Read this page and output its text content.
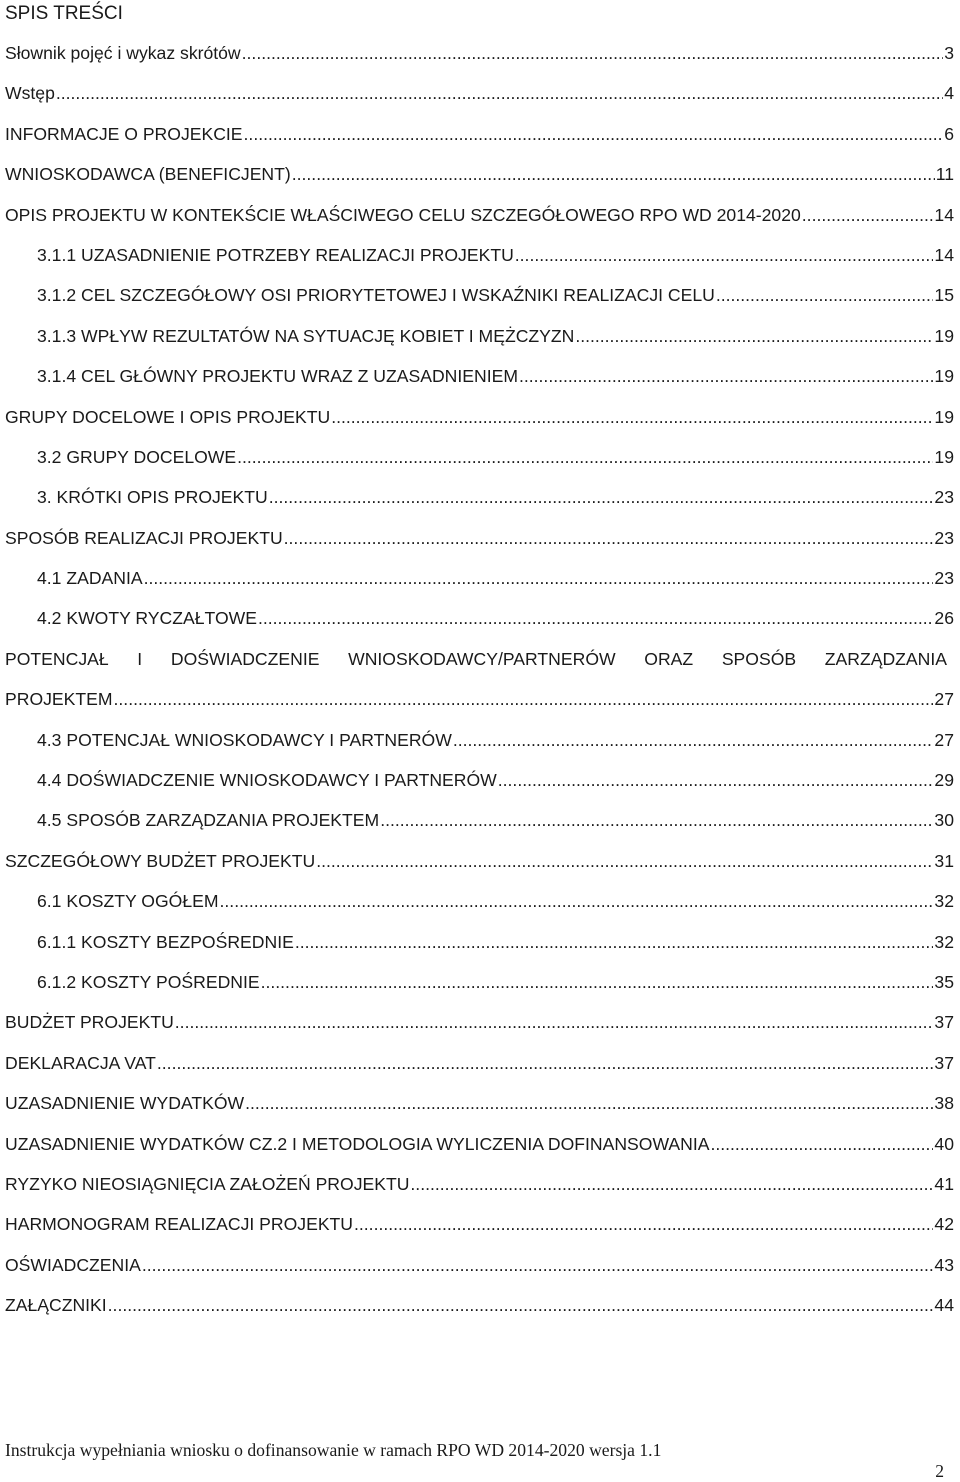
SPIS TREŚCI
Słownik pojęć i wykaz skrótów .....	3
Wstęp .....	4
INFORMACJE O PROJEKCIE .....	6
WNIOSKODAWCA (BENEFICJENT) .....	11
OPIS PROJEKTU W KONTEKŚCIE WŁAŚCIWEGO CELU SZCZEGÓŁOWEGO RPO WD 2014-2020 .....	14
3.1.1 UZASADNIENIE POTRZEBY REALIZACJI PROJEKTU .....	14
3.1.2 CEL SZCZEGÓŁOWY OSI PRIORYTETOWEJ I WSKAŹNIKI REALIZACJI CELU .....	15
3.1.3 WPŁYW REZULTATÓW NA SYTUACJĘ KOBIET I MĘŻCZYZN .....	19
3.1.4 CEL GŁÓWNY PROJEKTU WRAZ Z UZASADNIENIEM .....	19
GRUPY DOCELOWE I OPIS PROJEKTU .....	19
3.2 GRUPY DOCELOWE .....	19
3. KRÓTKI OPIS PROJEKTU .....	23
SPOSÓB REALIZACJI PROJEKTU .....	23
4.1 ZADANIA .....	23
4.2 KWOTY RYCZAŁTOWE .....	26
POTENCJAŁ I DOŚWIADCZENIE WNIOSKODAWCY/PARTNERÓW ORAZ SPOSÓB ZARZĄDZANIA
PROJEKTEM .....	27
4.3 POTENCJAŁ WNIOSKODAWCY I PARTNERÓW .....	27
4.4 DOŚWIADCZENIE WNIOSKODAWCY I PARTNERÓW .....	29
4.5 SPOSÓB ZARZĄDZANIA PROJEKTEM .....	30
SZCZEGÓŁOWY BUDŻET PROJEKTU .....	31
6.1 KOSZTY OGÓŁEM .....	32
6.1.1 KOSZTY BEZPOŚREDNIE .....	32
6.1.2 KOSZTY POŚREDNIE .....	35
BUDŻET PROJEKTU .....	37
DEKLARACJA VAT .....	37
UZASADNIENIE WYDATKÓW .....	38
UZASADNIENIE WYDATKÓW CZ.2 I METODOLOGIA WYLICZENIA DOFINANSOWANIA .....	40
RYZYKO NIEOSIĄGNIĘCIA ZAŁOŻEŃ PROJEKTU .....	41
HARMONOGRAM REALIZACJI PROJEKTU .....	42
OŚWIADCZENIA .....	43
ZAŁĄCZNIKI .....	44
Instrukcja wypełniania wniosku o dofinansowanie w ramach RPO WD 2014-2020 wersja 1.1
2
